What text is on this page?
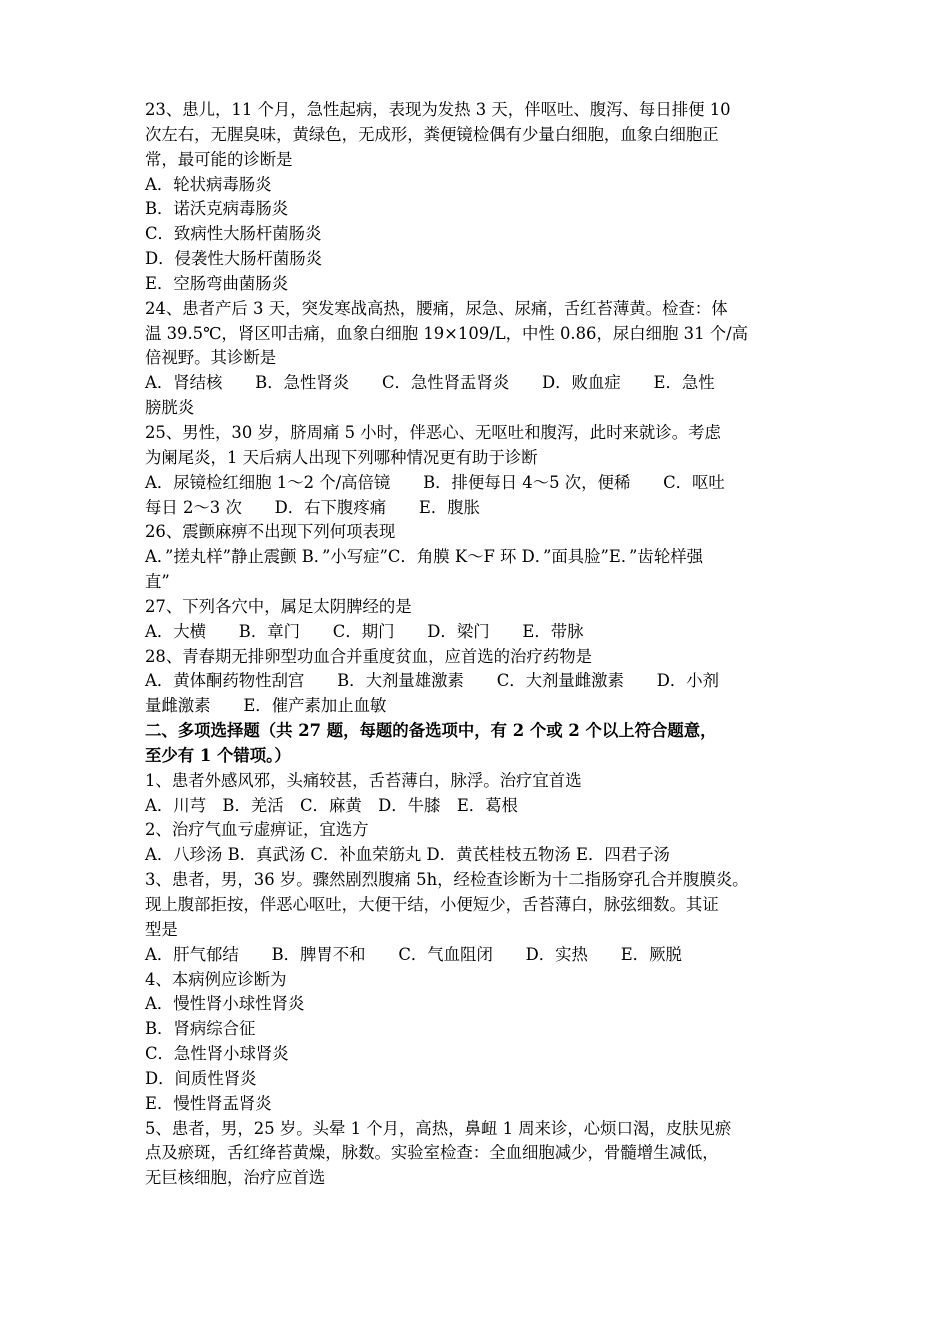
23、患儿，11 个月，急性起病，表现为发热 3 天，伴呕吐、腹泻、每日排便 10
次左右，无腥臭味，黄绿色，无成形，粪便镜检偶有少量白细胞，血象白细胞正
常，最可能的诊断是
A．轮状病毒肠炎
B．诺沃克病毒肠炎
C．致病性大肠杆菌肠炎
D．侵袭性大肠杆菌肠炎
E．空肠弯曲菌肠炎
24、患者产后 3 天，突发寒战高热，腰痛，尿急、尿痛，舌红苔薄黄。检查：体
温 39.5℃，肾区叩击痛，血象白细胞 19×109/L，中性 0.86，尿白细胞 31 个/高
倍视野。其诊断是
A．肾结核　　B．急性肾炎　　C．急性肾盂肾炎　　D．败血症　　E．急性
膀胱炎
25、男性，30 岁，脐周痛 5 小时，伴恶心、无呕吐和腹泻，此时来就诊。考虑
为阑尾炎，1 天后病人出现下列哪种情况更有助于诊断
A．尿镜检红细胞 1～2 个/高倍镜　　B．排便每日 4～5 次，便稀　　C．呕吐
每日 2～3 次　　D．右下腹疼痛　　E．腹胀
26、震颤麻痹不出现下列何项表现
A．”搓丸样”静止震颤 B．”小写症”C．角膜 K～F 环 D．”面具脸”E．”齿轮样强
直”
27、下列各穴中，属足太阴脾经的是
A．大横　　B．章门　　C．期门　　D．梁门　　E．带脉
28、青春期无排卵型功血合并重度贫血，应首选的治疗药物是
A．黄体酮药物性刮宫　　B．大剂量雄激素　　C．大剂量雌激素　　D．小剂
量雌激素　　E．催产素加止血敏
二、多项选择题（共 27 题，每题的备选项中，有 2 个或 2 个以上符合题意，
至少有 1 个错项。）
1、患者外感风邪，头痛较甚，舌苔薄白，脉浮。治疗宜首选
A．川芎　B．羌活　C．麻黄　D．牛膝　E．葛根
2、治疗气血亏虚痹证，宜选方
A．八珍汤 B．真武汤 C．补血荣筋丸 D．黄芪桂枝五物汤 E．四君子汤
3、患者，男，36 岁。骤然剧烈腹痛 5h，经检查诊断为十二指肠穿孔合并腹膜炎。
现上腹部拒按，伴恶心呕吐，大便干结，小便短少，舌苔薄白，脉弦细数。其证
型是
A．肝气郁结　　B．脾胃不和　　C．气血阻闭　　D．实热　　E．厥脱
4、本病例应诊断为
A．慢性肾小球性肾炎
B．肾病综合征
C．急性肾小球肾炎
D．间质性肾炎
E．慢性肾盂肾炎
5、患者，男，25 岁。头晕 1 个月，高热，鼻衄 1 周来诊，心烦口渴，皮肤见瘀
点及瘀斑，舌红绛苔黄燥，脉数。实验室检查：全血细胞减少，骨髓增生减低，
无巨核细胞，治疗应首选
